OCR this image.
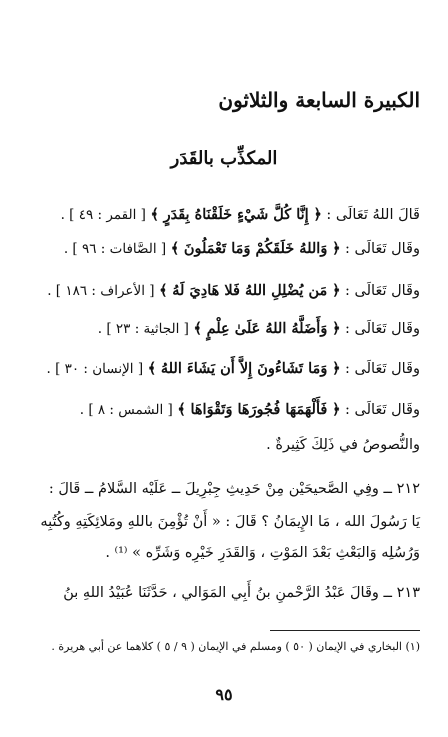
الكبيرة السابعة والثلاثون
المكذِّب بالقَدَر
قَالَ اللهُ تَعَالَى : ﴿ إِنَّا كُلَّ شَيْءٍ خَلَقْنَاهُ بِقَدَرٍ ﴾ [ القمر : ٤٩ ] .
وقَال تَعَالَى : ﴿ وَاللهُ خَلَقَكُمْ وَمَا تَعْمَلُونَ ﴾ [ الصَّافات : ٩٦ ] .
وقَال تَعَالَى : ﴿ مَن يُضْلِلِ اللهُ فَلا هَادِيَ لَهُ ﴾ [ الأعراف : ١٨٦ ] .
وقَال تَعَالَى : ﴿ وَأَضَلَّهُ اللهُ عَلَىٰ عِلْمٍ ﴾ [ الجاثية : ٢٣ ] .
وقَال تَعَالَى : ﴿ وَمَا تَشَاءُونَ إِلاَّ أَن يَشَاءَ اللهُ ﴾ [ الإنسان : ٣٠ ] .
وقَال تَعَالَى : ﴿ فَأَلْهَمَهَا فُجُورَهَا وَتَقْوَاهَا ﴾ [ الشمس : ٨ ] .
والنُّصوصُ في ذَلِكَ كَثِيرةٌ .
٢١٢ ــ وفِي الصَّحيحَيْن مِنْ حَدِيثِ جِبْرِيلَ ــ عَلَيْه السَّلامُ ــ قَالَ :
يَا رَسُولَ الله ، مَا الإِيمَانُ ؟ قَالَ : « أَنْ تُؤْمِنَ باللهِ ومَلائِكَتِهِ وكُتُبِه
وَرُسُلِه وَالبَعْثِ بَعْدَ المَوْتِ ، وَالقَدَرِ خَيْرِه وَشَرِّه » ⁽¹⁾ .
٢١٣ ــ وقَالَ عَبْدُ الرَّحْمنِ بنُ أَبِي المَوَالي ، حَدَّثَنَا عُبَيْدُ اللهِ بنُ
(١) البخاري في الإيمان ( ٥٠ ) ومسلم في الإيمان ( ٩ / ٥ ) كلاهما عن أبي هريرة .
٩٥
